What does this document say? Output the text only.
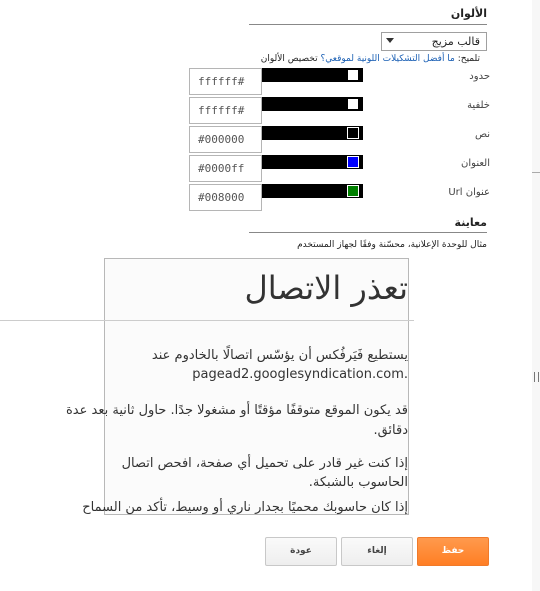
الألوان
قالب مزيج
تلميح: ما أفضل التشكيلات اللونية لموقعي؟ تخصيص الألوان
حدود
ffffff#
خلفية
ffffff#
نص
#000000
العنوان
#0000ff
عنوان Url
#008000
معاينة
مثال للوحدة الإعلانية، محسّنة وفقًا لجهاز المستخدم
تعذر الاتصال
يستطيع فَيَرفُكس أن يؤسّس اتصالًا بالخادوم عند
pagead2.googlesyndication.com.
قد يكون الموقع متوقفًا مؤقتًا أو مشغولا جدًا. حاول ثانية بعد عدة
دقائق.
إذا كنت غير قادر على تحميل أي صفحة، افحص اتصال
الحاسوب بالشبكة.
إذا كان حاسوبك محميًا بجدار ناري أو وسيط، تأكد من السماح
حفظ
إلغاء
عودة
